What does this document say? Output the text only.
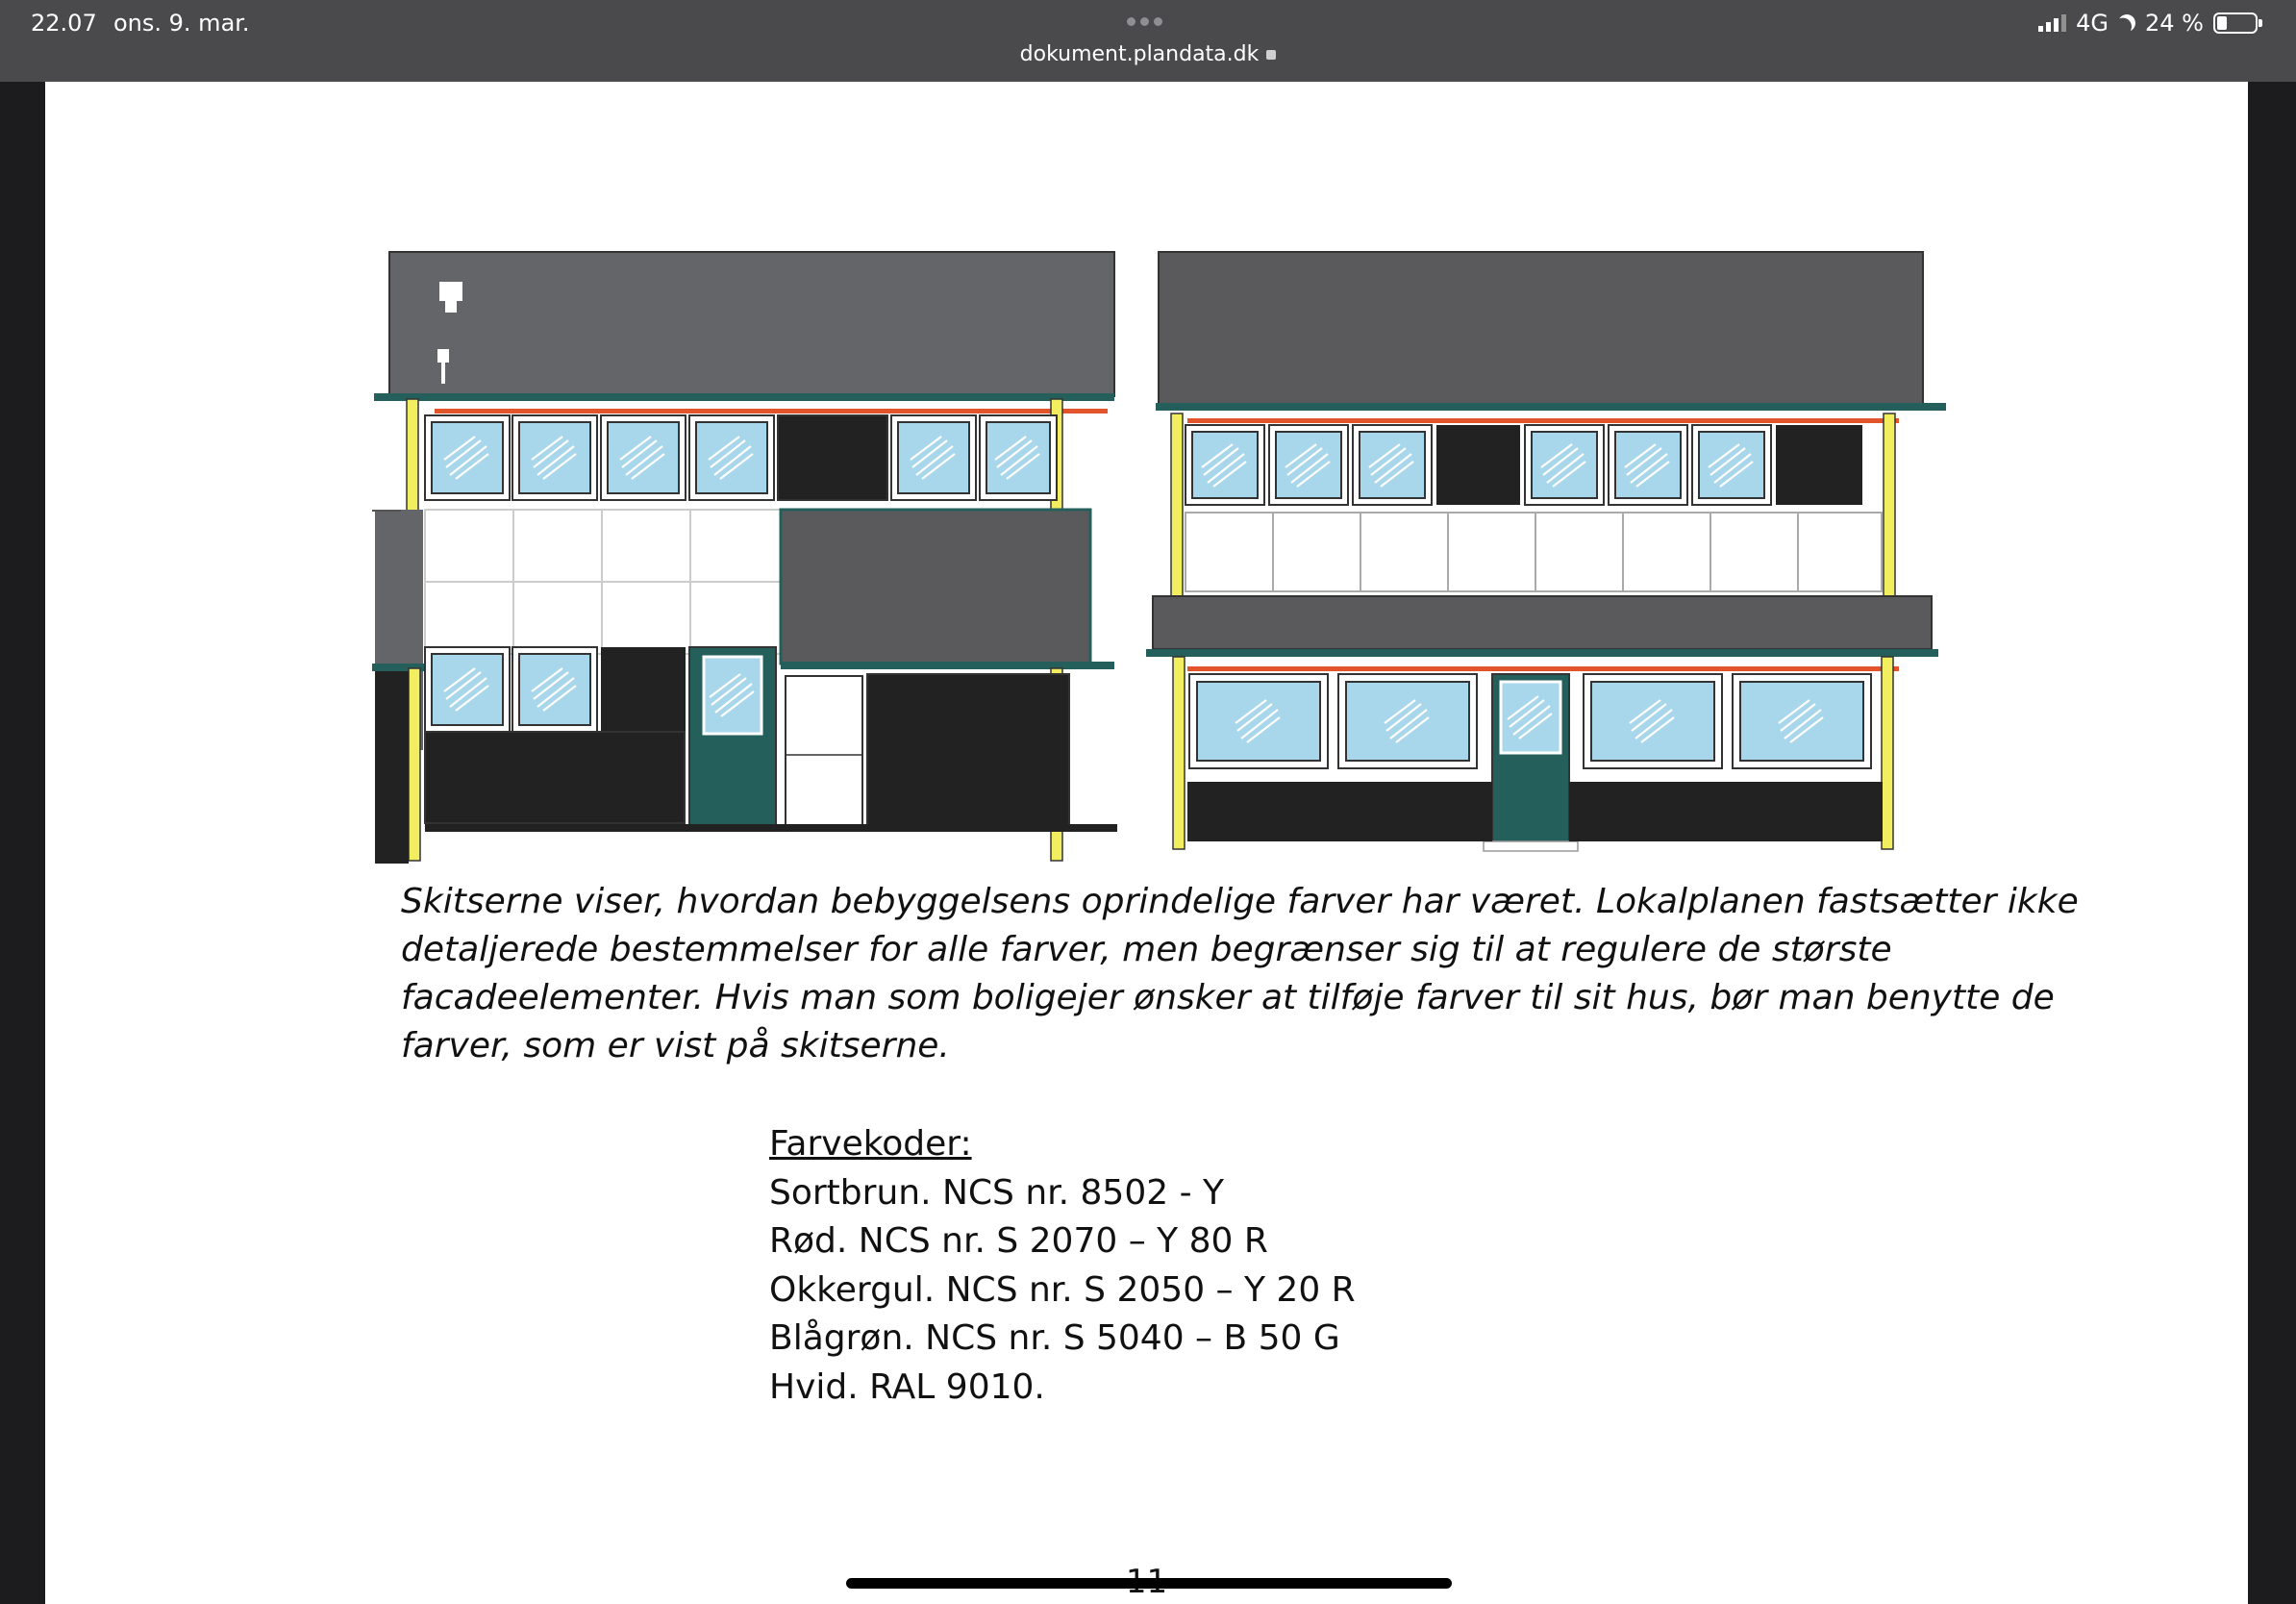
22.07 ons. 9. mar.
dokument.plandata.dk
4G 24 %
Skitserne viser, hvordan bebyggelsens oprindelige farver har været. Lokalplanen fastsætter ikke detaljerede bestemmelser for alle farver, men begrænser sig til at regulere de største facadeelementer. Hvis man som boligejer ønsker at tilføje farver til sit hus, bør man benytte de farver, som er vist på skitserne.
Farvekoder:
Sortbrun. NCS nr. 8502 - Y
Rød. NCS nr. S 2070 – Y 80 R
Okkergul. NCS nr. S 2050 – Y 20 R
Blågrøn. NCS nr. S 5040 – B 50 G
Hvid. RAL 9010.
